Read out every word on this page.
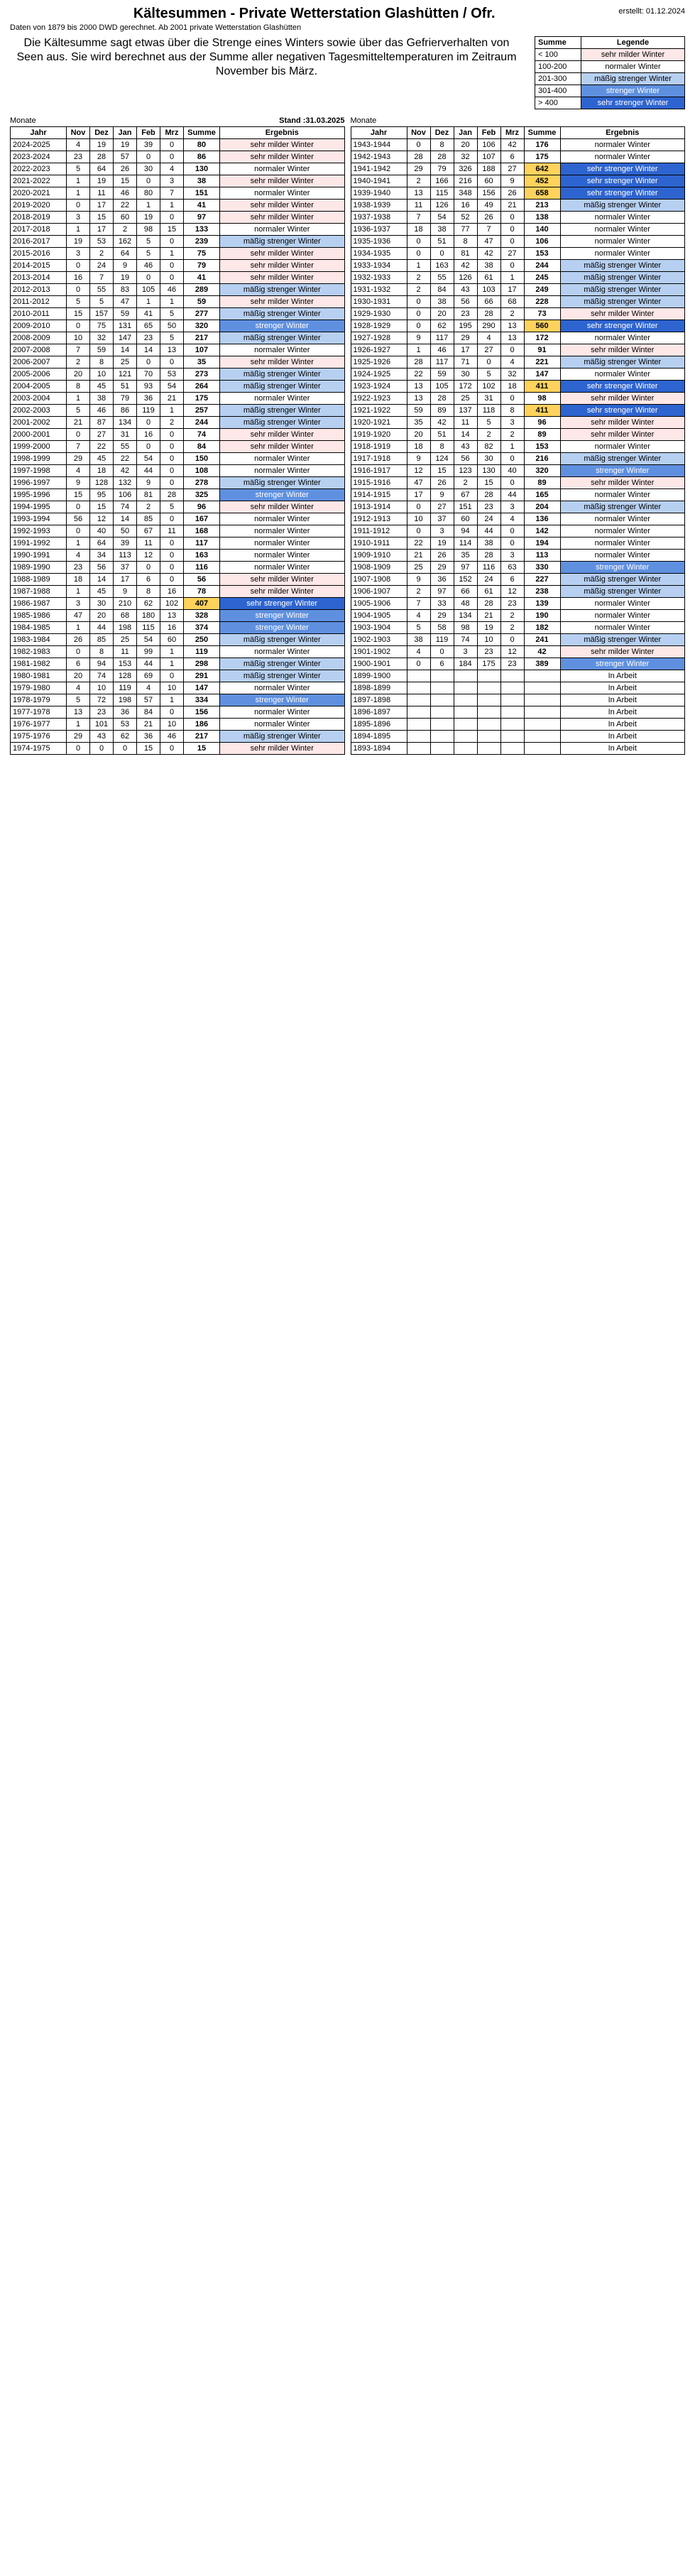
Kältesummen - Private Wetterstation Glashütten / Ofr.	erstellt: 01.12.2024
Daten von 1879 bis 2000 DWD gerechnet. Ab 2001 private Wetterstation Glashütten
Die Kältesumme sagt etwas über die Strenge eines Winters sowie über das Gefrierverhalten von Seen aus. Sie wird berechnet aus der Summe aller negativen Tagesmitteltemperaturen im Zeitraum November bis März.
Summe	Legende
< 100	sehr milder Winter
100-200	normaler Winter
201-300	mäßig strenger Winter
301-400	strenger Winter
> 400	sehr strenger Winter
Monate	Stand :31.03.2025
Jahr	Nov	Dez	Jan	Feb	Mrz	Summe	Ergebnis
2024-2025	4	19	19	39	0	80	sehr milder Winter
2023-2024	23	28	57	0	0	86	sehr milder Winter
2022-2023	5	64	26	30	4	130	normaler Winter
2021-2022	1	19	15	0	3	38	sehr milder Winter
2020-2021	1	11	46	80	7	151	normaler Winter
2019-2020	0	17	22	1	1	41	sehr milder Winter
2018-2019	3	15	60	19	0	97	sehr milder Winter
2017-2018	1	17	2	98	15	133	normaler Winter
2016-2017	19	53	162	5	0	239	mäßig strenger Winter
2015-2016	3	2	64	5	1	75	sehr milder Winter
2014-2015	0	24	9	46	0	79	sehr milder Winter
2013-2014	16	7	19	0	0	41	sehr milder Winter
2012-2013	0	55	83	105	46	289	mäßig strenger Winter
2011-2012	5	5	47	1	1	59	sehr milder Winter
2010-2011	15	157	59	41	5	277	mäßig strenger Winter
2009-2010	0	75	131	65	50	320	strenger Winter
2008-2009	10	32	147	23	5	217	mäßig strenger Winter
2007-2008	7	59	14	14	13	107	normaler Winter
2006-2007	2	8	25	0	0	35	sehr milder Winter
2005-2006	20	10	121	70	53	273	mäßig strenger Winter
2004-2005	8	45	51	93	54	264	mäßig strenger Winter
2003-2004	1	38	79	36	21	175	normaler Winter
2002-2003	5	46	86	119	1	257	mäßig strenger Winter
2001-2002	21	87	134	0	2	244	mäßig strenger Winter
2000-2001	0	27	31	16	0	74	sehr milder Winter
1999-2000	7	22	55	0	0	84	sehr milder Winter
1998-1999	29	45	22	54	0	150	normaler Winter
1997-1998	4	18	42	44	0	108	normaler Winter
1996-1997	9	128	132	9	0	278	mäßig strenger Winter
1995-1996	15	95	106	81	28	325	strenger Winter
1994-1995	0	15	74	2	5	96	sehr milder Winter
1993-1994	56	12	14	85	0	167	normaler Winter
1992-1993	0	40	50	67	11	168	normaler Winter
1991-1992	1	64	39	11	0	117	normaler Winter
1990-1991	4	34	113	12	0	163	normaler Winter
1989-1990	23	56	37	0	0	116	normaler Winter
1988-1989	18	14	17	6	0	56	sehr milder Winter
1987-1988	1	45	9	8	16	78	sehr milder Winter
1986-1987	3	30	210	62	102	407	sehr strenger Winter
1985-1986	47	20	68	180	13	328	strenger Winter
1984-1985	1	44	198	115	16	374	strenger Winter
1983-1984	26	85	25	54	60	250	mäßig strenger Winter
1982-1983	0	8	11	99	1	119	normaler Winter
1981-1982	6	94	153	44	1	298	mäßig strenger Winter
1980-1981	20	74	128	69	0	291	mäßig strenger Winter
1979-1980	4	10	119	4	10	147	normaler Winter
1978-1979	5	72	198	57	1	334	strenger Winter
1977-1978	13	23	36	84	0	156	normaler Winter
1976-1977	1	101	53	21	10	186	normaler Winter
1975-1976	29	43	62	36	46	217	mäßig strenger Winter
1974-1975	0	0	0	15	0	15	sehr milder Winter
Monate
Jahr	Nov	Dez	Jan	Feb	Mrz	Summe	Ergebnis
1943-1944	0	8	20	106	42	176	normaler Winter
1942-1943	28	28	32	107	6	175	normaler Winter
1941-1942	29	79	326	188	27	642	sehr strenger Winter
1940-1941	2	166	216	60	9	452	sehr strenger Winter
1939-1940	13	115	348	156	26	658	sehr strenger Winter
1938-1939	11	126	16	49	21	213	mäßig strenger Winter
1937-1938	7	54	52	26	0	138	normaler Winter
1936-1937	18	38	77	7	0	140	normaler Winter
1935-1936	0	51	8	47	0	106	normaler Winter
1934-1935	0	0	81	42	27	153	normaler Winter
1933-1934	1	163	42	38	0	244	mäßig strenger Winter
1932-1933	2	55	126	61	1	245	mäßig strenger Winter
1931-1932	2	84	43	103	17	249	mäßig strenger Winter
1930-1931	0	38	56	66	68	228	mäßig strenger Winter
1929-1930	0	20	23	28	2	73	sehr milder Winter
1928-1929	0	62	195	290	13	560	sehr strenger Winter
1927-1928	9	117	29	4	13	172	normaler Winter
1926-1927	1	46	17	27	0	91	sehr milder Winter
1925-1926	28	117	71	0	4	221	mäßig strenger Winter
1924-1925	22	59	30	5	32	147	normaler Winter
1923-1924	13	105	172	102	18	411	sehr strenger Winter
1922-1923	13	28	25	31	0	98	sehr milder Winter
1921-1922	59	89	137	118	8	411	sehr strenger Winter
1920-1921	35	42	11	5	3	96	sehr milder Winter
1919-1920	20	51	14	2	2	89	sehr milder Winter
1918-1919	18	8	43	82	1	153	normaler Winter
1917-1918	9	124	56	30	0	216	mäßig strenger Winter
1916-1917	12	15	123	130	40	320	strenger Winter
1915-1916	47	26	2	15	0	89	sehr milder Winter
1914-1915	17	9	67	28	44	165	normaler Winter
1913-1914	0	27	151	23	3	204	mäßig strenger Winter
1912-1913	10	37	60	24	4	136	normaler Winter
1911-1912	0	3	94	44	0	142	normaler Winter
1910-1911	22	19	114	38	0	194	normaler Winter
1909-1910	21	26	35	28	3	113	normaler Winter
1908-1909	25	29	97	116	63	330	strenger Winter
1907-1908	9	36	152	24	6	227	mäßig strenger Winter
1906-1907	2	97	66	61	12	238	mäßig strenger Winter
1905-1906	7	33	48	28	23	139	normaler Winter
1904-1905	4	29	134	21	2	190	normaler Winter
1903-1904	5	58	98	19	2	182	normaler Winter
1902-1903	38	119	74	10	0	241	mäßig strenger Winter
1901-1902	4	0	3	23	12	42	sehr milder Winter
1900-1901	0	6	184	175	23	389	strenger Winter
1899-1900							In Arbeit
1898-1899							In Arbeit
1897-1898							In Arbeit
1896-1897							In Arbeit
1895-1896							In Arbeit
1894-1895							In Arbeit
1893-1894							In Arbeit
